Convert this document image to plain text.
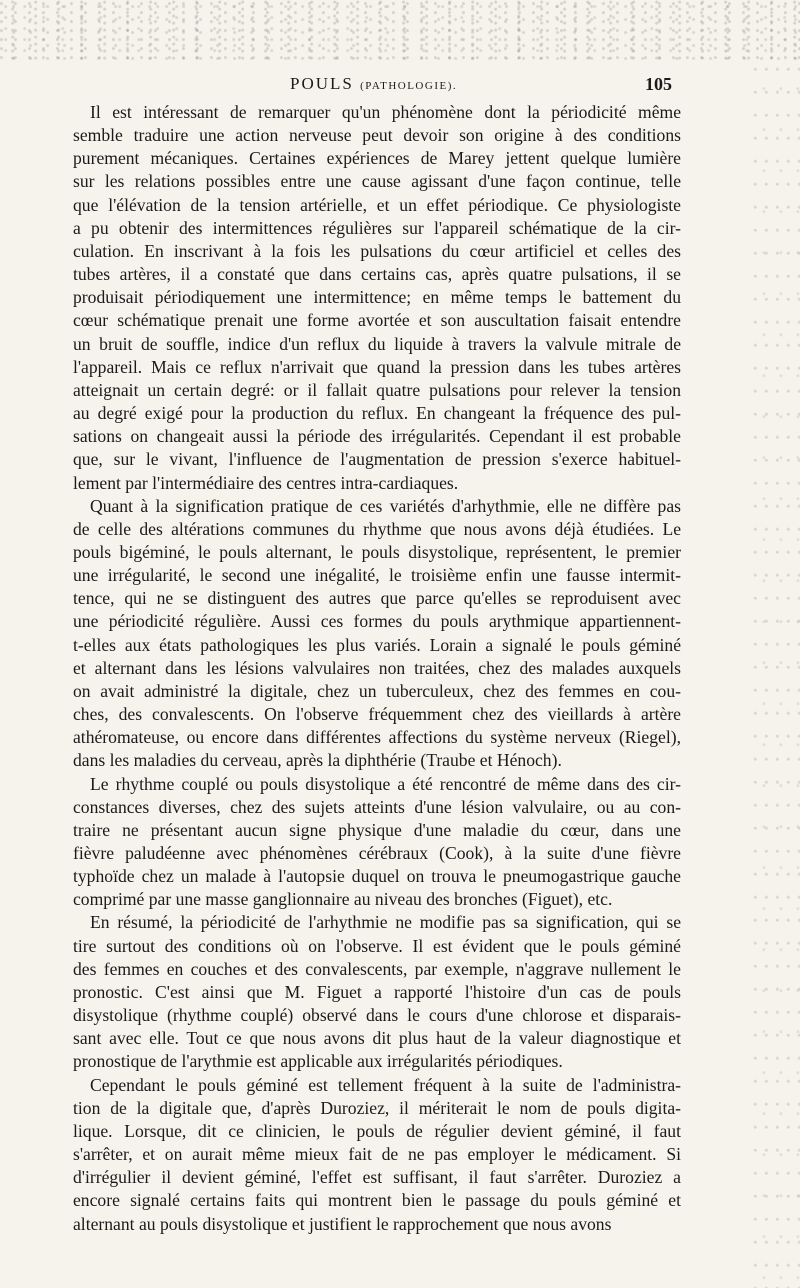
POULS (PATHOLOGIE).	105
Il est intéressant de remarquer qu'un phénomène dont la périodicité même
semble traduire une action nerveuse peut devoir son origine à des conditions
purement mécaniques. Certaines expériences de Marey jettent quelque lumière
sur les relations possibles entre une cause agissant d'une façon continue, telle
que l'élévation de la tension artérielle, et un effet périodique. Ce physiologiste
a pu obtenir des intermittences régulières sur l'appareil schématique de la cir-
culation. En inscrivant à la fois les pulsations du cœur artificiel et celles des
tubes artères, il a constaté que dans certains cas, après quatre pulsations, il se
produisait périodiquement une intermittence; en même temps le battement du
cœur schématique prenait une forme avortée et son auscultation faisait entendre
un bruit de souffle, indice d'un reflux du liquide à travers la valvule mitrale de
l'appareil. Mais ce reflux n'arrivait que quand la pression dans les tubes artères
atteignait un certain degré: or il fallait quatre pulsations pour relever la tension
au degré exigé pour la production du reflux. En changeant la fréquence des pul-
sations on changeait aussi la période des irrégularités. Cependant il est probable
que, sur le vivant, l'influence de l'augmentation de pression s'exerce habituel-
lement par l'intermédiaire des centres intra-cardiaques.
Quant à la signification pratique de ces variétés d'arhythmie, elle ne diffère pas
de celle des altérations communes du rhythme que nous avons déjà étudiées. Le
pouls bigéminé, le pouls alternant, le pouls disystolique, représentent, le premier
une irrégularité, le second une inégalité, le troisième enfin une fausse intermit-
tence, qui ne se distinguent des autres que parce qu'elles se reproduisent avec
une périodicité régulière. Aussi ces formes du pouls arythmique appartiennent-
t-elles aux états pathologiques les plus variés. Lorain a signalé le pouls géminé
et alternant dans les lésions valvulaires non traitées, chez des malades auxquels
on avait administré la digitale, chez un tuberculeux, chez des femmes en cou-
ches, des convalescents. On l'observe fréquemment chez des vieillards à artère
athéromateuse, ou encore dans différentes affections du système nerveux (Riegel),
dans les maladies du cerveau, après la diphthérie (Traube et Hénoch).
Le rhythme couplé ou pouls disystolique a été rencontré de même dans des cir-
constances diverses, chez des sujets atteints d'une lésion valvulaire, ou au con-
traire ne présentant aucun signe physique d'une maladie du cœur, dans une
fièvre paludéenne avec phénomènes cérébraux (Cook), à la suite d'une fièvre
typhoïde chez un malade à l'autopsie duquel on trouva le pneumogastrique gauche
comprimé par une masse ganglionnaire au niveau des bronches (Figuet), etc.
En résumé, la périodicité de l'arhythmie ne modifie pas sa signification, qui se
tire surtout des conditions où on l'observe. Il est évident que le pouls géminé
des femmes en couches et des convalescents, par exemple, n'aggrave nullement le
pronostic. C'est ainsi que M. Figuet a rapporté l'histoire d'un cas de pouls
disystolique (rhythme couplé) observé dans le cours d'une chlorose et disparais-
sant avec elle. Tout ce que nous avons dit plus haut de la valeur diagnostique et
pronostique de l'arythmie est applicable aux irrégularités périodiques.
Cependant le pouls géminé est tellement fréquent à la suite de l'administra-
tion de la digitale que, d'après Duroziez, il mériterait le nom de pouls digita-
lique. Lorsque, dit ce clinicien, le pouls de régulier devient géminé, il faut
s'arrêter, et on aurait même mieux fait de ne pas employer le médicament. Si
d'irrégulier il devient géminé, l'effet est suffisant, il faut s'arrêter. Duroziez a
encore signalé certains faits qui montrent bien le passage du pouls géminé et
alternant au pouls disystolique et justifient le rapprochement que nous avons
